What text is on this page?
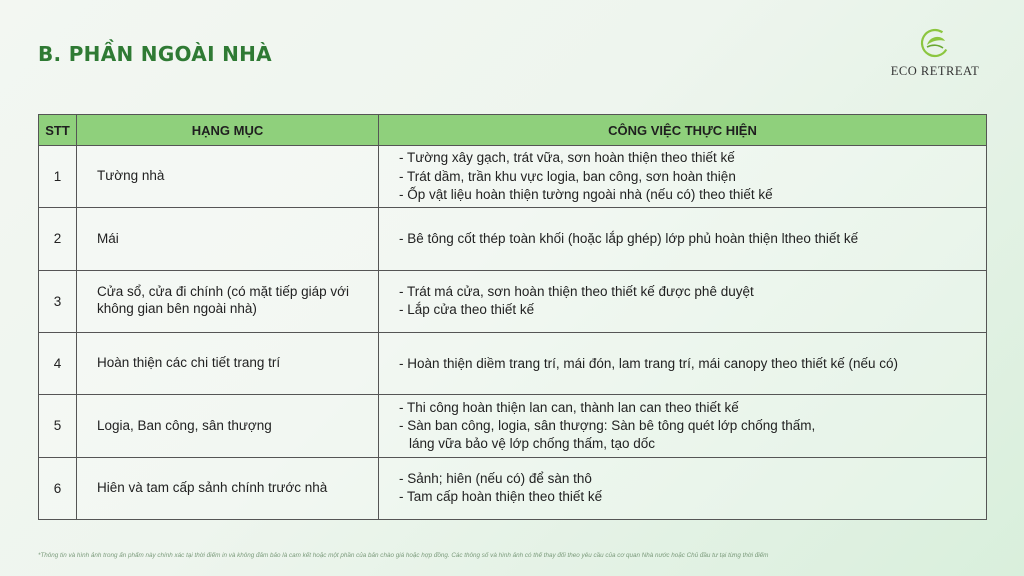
B. PHẦN NGOÀI NHÀ
ECO RETREAT
STT	HẠNG MỤC	CÔNG VIỆC THỰC HIỆN
1	Tường nhà	- Tường xây gạch, trát vữa, sơn hoàn thiện theo thiết kế
- Trát dầm, trần khu vực logia, ban công, sơn hoàn thiện
- Ốp vật liệu hoàn thiện tường ngoài nhà (nếu có) theo thiết kế

2	Mái	- Bê tông cốt thép toàn khối (hoặc lắp ghép) lớp phủ hoàn thiện ltheo thiết kế

3	Cửa sổ, cửa đi chính (có mặt tiếp giáp với không gian bên ngoài nhà)	- Trát má cửa, sơn hoàn thiện theo thiết kế được phê duyệt
- Lắp cửa theo thiết kế

4	Hoàn thiện các chi tiết trang trí	- Hoàn thiện diềm trang trí, mái đón, lam trang trí, mái canopy theo thiết kế (nếu có)

5	Logia, Ban công, sân thượng	- Thi công hoàn thiện lan can, thành lan can theo thiết kế
- Sàn ban công, logia, sân thượng: Sàn bê tông quét lớp chống thấm,
láng vữa bảo vệ lớp chống thấm, tạo dốc

6	Hiên và tam cấp sảnh chính trước nhà	- Sảnh; hiên (nếu có) để sàn thô
- Tam cấp hoàn thiện theo thiết kế
*Thông tin và hình ảnh trong ấn phẩm này chính xác tại thời điểm in và không đảm bảo là cam kết hoặc một phần của bản chào giá hoặc hợp đồng. Các thông số và hình ảnh có thể thay đổi theo yêu cầu của cơ quan Nhà nước hoặc Chủ đầu tư tại từng thời điểm
